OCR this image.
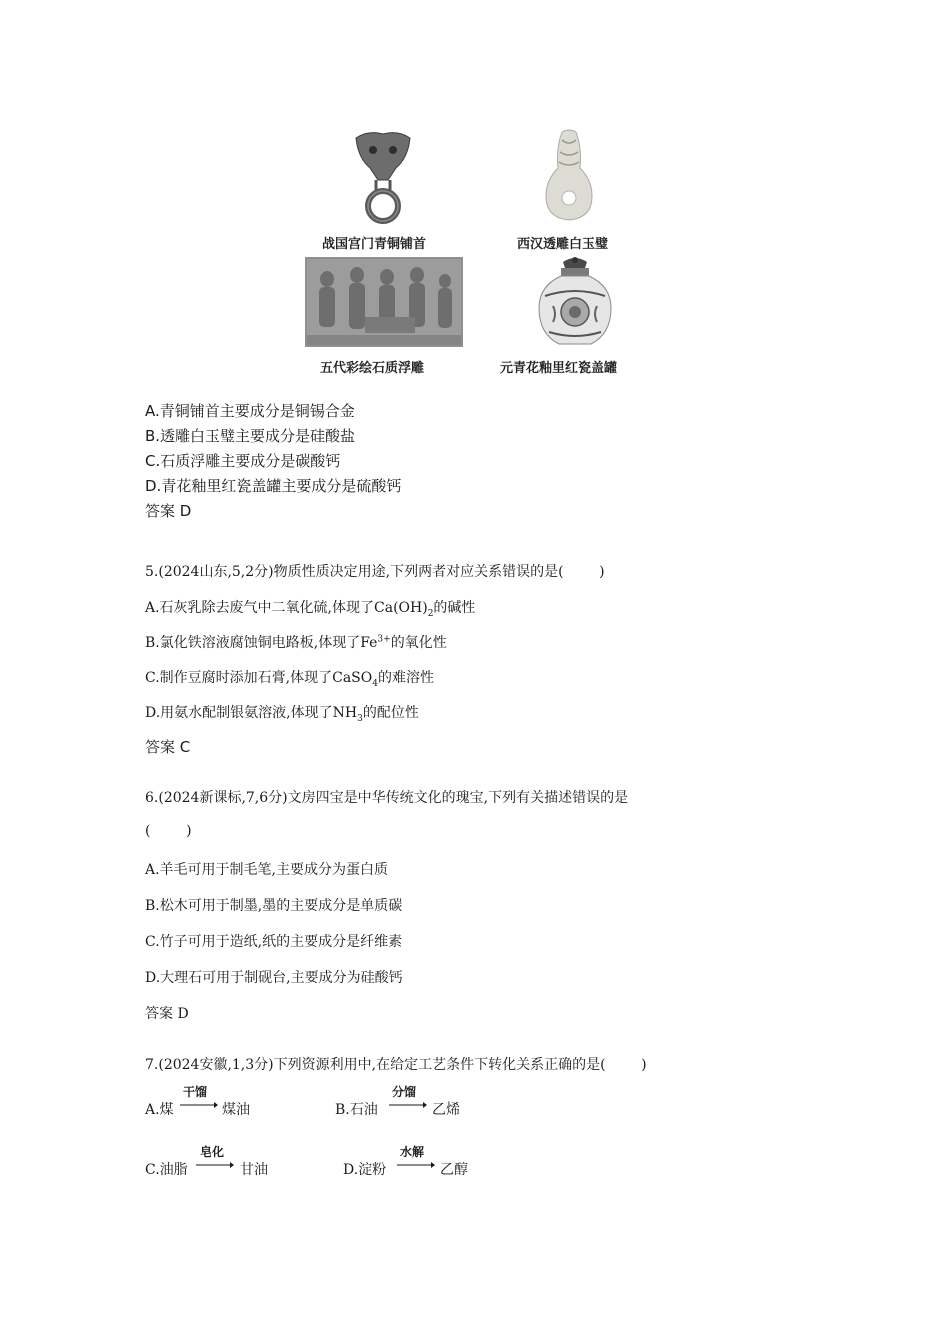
战国宫门青铜铺首	西汉透雕白玉璧
五代彩绘石质浮雕	元青花釉里红瓷盖罐
A.青铜铺首主要成分是铜锡合金
B.透雕白玉璧主要成分是硅酸盐
C.石质浮雕主要成分是碳酸钙
D.青花釉里红瓷盖罐主要成分是硫酸钙
答案 D
5.(2024山东,5,2分)物质性质决定用途,下列两者对应关系错误的是(        )
A.石灰乳除去废气中二氧化硫,体现了$Ca(OH)_2$的碱性
B.氯化铁溶液腐蚀铜电路板,体现了$Fe^{3+}$的氧化性
C.制作豆腐时添加石膏,体现了CaSO$_4$的难溶性
D.用氨水配制银氨溶液,体现了$NH_3$的配位性
答案 C
6.(2024新课标,7,6分)文房四宝是中华传统文化的瑰宝,下列有关描述错误的是
(        )
A.羊毛可用于制毛笔,主要成分为蛋白质
B.松木可用于制墨,墨的主要成分是单质碳
C.竹子可用于造纸,纸的主要成分是纤维素
D.大理石可用于制砚台,主要成分为硅酸钙
答案 D
7.(2024安徽,1,3分)下列资源利用中,在给定工艺条件下转化关系正确的是(        )
A.煤
干馏
煤油	B.石油
分馏
乙烯
C.油脂
皂化
甘油	D.淀粉
水解
乙醇
